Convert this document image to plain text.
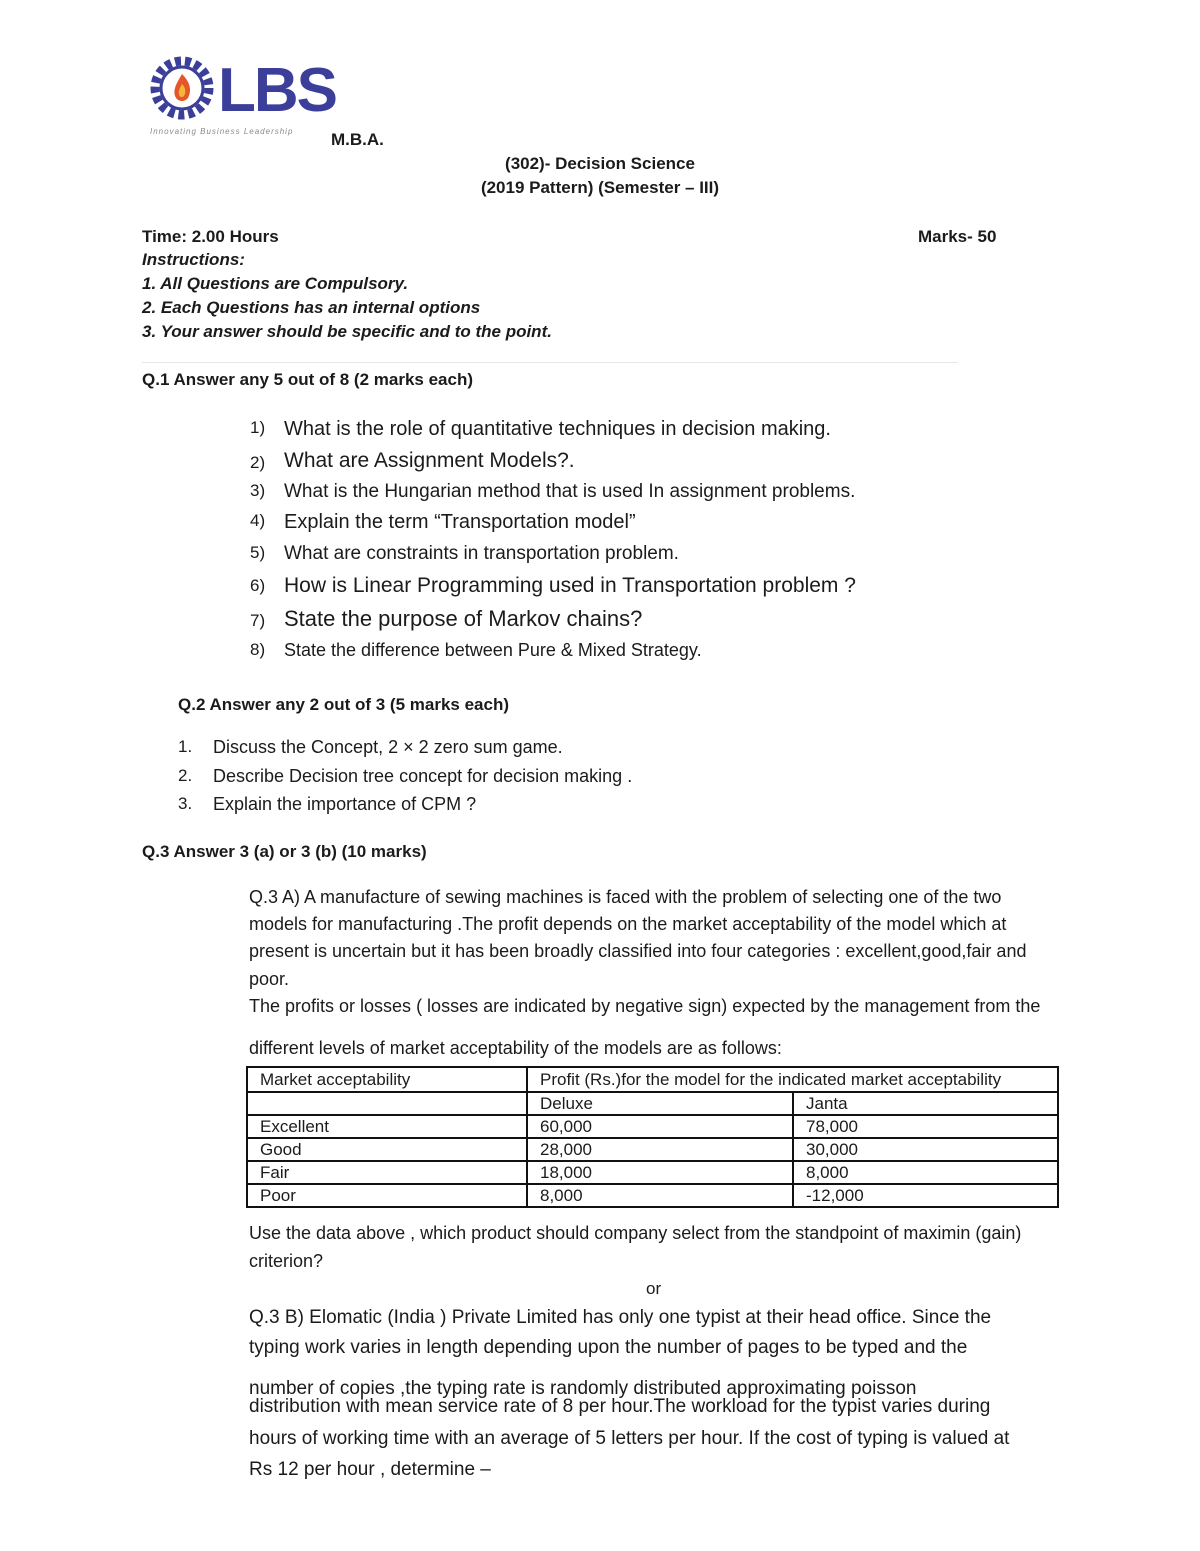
LBS
Innovating Business Leadership M.B.A.
(302)- Decision Science
(2019 Pattern) (Semester – III)
Time: 2.00 Hours	Marks- 50
Instructions:
1. All Questions are Compulsory.
2. Each Questions has an internal options
3. Your answer should be specific and to the point.
Q.1 Answer any 5 out of 8 (2 marks each)
1) What is the role of quantitative techniques in decision making.
2) What are Assignment Models?.
3) What is the Hungarian method that is used In assignment problems.
4) Explain the term “Transportation model”
5) What are constraints in transportation problem.
6) How is Linear Programming used in Transportation problem ?
7) State the purpose of Markov chains?
8) State the difference between Pure & Mixed Strategy.
Q.2 Answer any 2 out of 3 (5 marks each)
1. Discuss the Concept, 2 × 2 zero sum game.
2. Describe Decision tree concept for decision making .
3. Explain the importance of CPM ?
Q.3 Answer 3 (a) or 3 (b) (10 marks)
Q.3 A) A manufacture of sewing machines is faced with the problem of selecting one of the two
models for manufacturing .The profit depends on the market acceptability of the model which at
present is uncertain but it has been broadly classified into four categories : excellent,good,fair and
poor.
The profits or losses ( losses are indicated by negative sign) expected by the management from the
different levels of market acceptability of the models are as follows:
Market acceptability	Profit (Rs.)for the model for the indicated market acceptability	
	Deluxe	Janta
Excellent	60,000	78,000
Good	28,000	30,000
Fair	18,000	8,000
Poor	8,000	-12,000
Use the data above , which product should company select from the standpoint of maximin (gain)
criterion?
or
Q.3 B) Elomatic (India ) Private Limited has only one typist at their head office. Since the
typing work varies in length depending upon the number of pages to be typed and the
number of copies ,the typing rate is randomly distributed approximating poisson
distribution with mean service rate of 8 per hour.The workload for the typist varies during
hours of working time with an average of 5 letters per hour. If the cost of typing is valued at
Rs 12 per hour , determine –
